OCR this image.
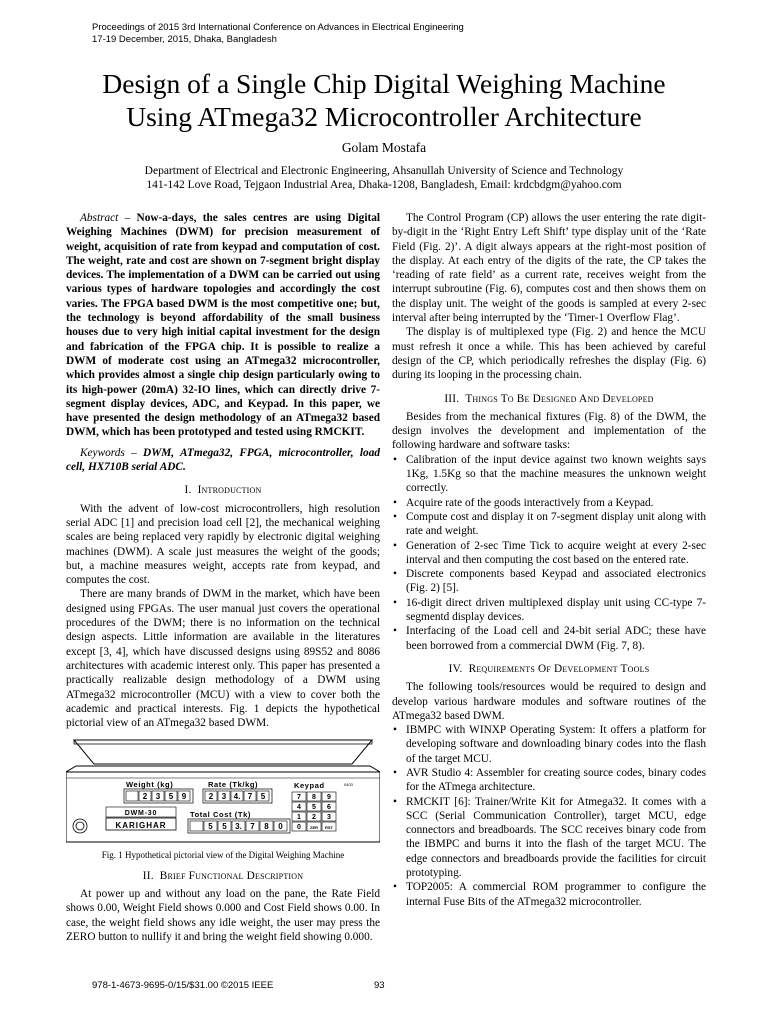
Proceedings of 2015 3rd International Conference on Advances in Electrical Engineering
17-19 December, 2015, Dhaka, Bangladesh
Design of a Single Chip Digital Weighing Machine
Using ATmega32 Microcontroller Architecture
Golam Mostafa
Department of Electrical and Electronic Engineering, Ahsanullah University of Science and Technology
141-142 Love Road, Tejgaon Industrial Area, Dhaka-1208, Bangladesh, Email: krdcbdgm@yahoo.com

Abstract – Now-a-days, the sales centres are using Digital Weighing Machines (DWM) for precision measurement of weight, acquisition of rate from keypad and computation of cost. The weight, rate and cost are shown on 7-segment bright display devices. The implementation of a DWM can be carried out using various types of hardware topologies and accordingly the cost varies. The FPGA based DWM is the most competitive one; but, the technology is beyond affordability of the small business houses due to very high initial capital investment for the design and fabrication of the FPGA chip. It is possible to realize a DWM of moderate cost using an ATmega32 microcontroller, which provides almost a single chip design particularly owing to its high-power (20mA) 32-IO lines, which can directly drive 7-segment display devices, ADC, and Keypad. In this paper, we have presented the design methodology of an ATmega32 based DWM, which has been prototyped and tested using RMCKIT.

Keywords – DWM, ATmega32, FPGA, microcontroller, load cell, HX710B serial ADC.

I. Introduction

With the advent of low-cost microcontrollers, high resolution serial ADC [1] and precision load cell [2], the mechanical weighing scales are being replaced very rapidly by electronic digital weighing machines (DWM). A scale just measures the weight of the goods; but, a machine measures weight, accepts rate from keypad, and computes the cost.

There are many brands of DWM in the market, which have been designed using FPGAs. The user manual just covers the operational procedures of the DWM; there is no information on the technical design aspects. Little information are available in the literatures except [3, 4], which have discussed designs using 89S52 and 8086 architectures with academic interest only. This paper has presented a practically realizable design methodology of a DWM using ATmega32 microcontroller (MCU) with a view to cover both the academic and practical interests. Fig. 1 depicts the hypothetical pictorial view of an ATmega32 based DWM.

Weight (kg)
2 3 5 9
Rate (Tk/kg)
2 3 4. 7 5
Keypad
7 8 9
4 5 6
1 2 3
0 ZER RST
0403
DWM-30
KARIGHAR
Total Cost (Tk)
5 5 3. 7 8 0
Fig. 1 Hypothetical pictorial view of the Digital Weighing Machine
II. Brief Functional Description

At power up and without any load on the pane, the Rate Field shows 0.00, Weight Field shows 0.000 and Cost Field shows 0.00. In case, the weight field shows any idle weight, the user may press the ZERO button to nullify it and bring the weight field showing 0.000.

The Control Program (CP) allows the user entering the rate digit-by-digit in the ‘Right Entry Left Shift’ type display unit of the ‘Rate Field (Fig. 2)’. A digit always appears at the right-most position of the display. At each entry of the digits of the rate, the CP takes the ‘reading of rate field’ as a current rate, receives weight from the interrupt subroutine (Fig. 6), computes cost and then shows them on the display unit. The weight of the goods is sampled at every 2-sec interval after being interrupted by the ‘Timer-1 Overflow Flag’.

The display is of multiplexed type (Fig. 2) and hence the MCU must refresh it once a while. This has been achieved by careful design of the CP, which periodically refreshes the display (Fig. 6) during its looping in the processing chain.

III. Things To Be Designed And Developed

Besides from the mechanical fixtures (Fig. 8) of the DWM, the design involves the development and implementation of the following hardware and software tasks:

• Calibration of the input device against two known weights says 1Kg, 1.5Kg so that the machine measures the unknown weight correctly.
• Acquire rate of the goods interactively from a Keypad.
• Compute cost and display it on 7-segment display unit along with rate and weight.
• Generation of 2-sec Time Tick to acquire weight at every 2-sec interval and then computing the cost based on the entered rate.
• Discrete components based Keypad and associated electronics (Fig. 2) [5].
• 16-digit direct driven multiplexed display unit using CC-type 7-segmentd display devices.
• Interfacing of the Load cell and 24-bit serial ADC; these have been borrowed from a commercial DWM (Fig. 7, 8).
IV. Requirements Of Development Tools

The following tools/resources would be required to design and develop various hardware modules and software routines of the ATmega32 based DWM.

• IBMPC with WINXP Operating System: It offers a platform for developing software and downloading binary codes into the flash of the target MCU.
• AVR Studio 4: Assembler for creating source codes, binary codes for the ATmega architecture.
• RMCKIT [6]: Trainer/Write Kit for Atmega32. It comes with a SCC (Serial Communication Controller), target MCU, edge connectors and breadboards. The SCC receives binary code from the IBMPC and burns it into the flash of the target MCU. The edge connectors and breadboards provide the facilities for circuit prototyping.
• TOP2005: A commercial ROM programmer to configure the internal Fuse Bits of the ATmega32 microcontroller.
978-1-4673-9695-0/15/$31.00 ©2015 IEEE	93
